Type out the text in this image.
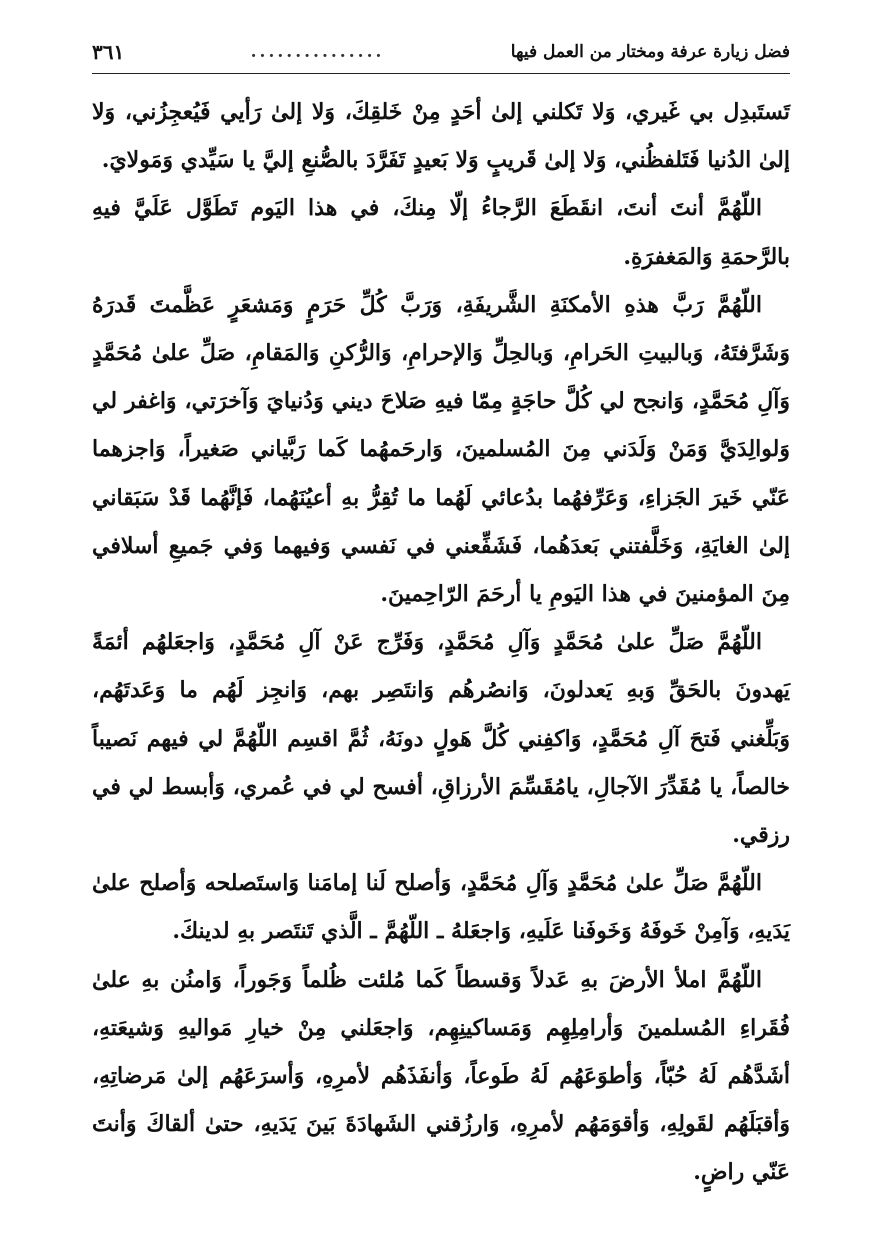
فضل زيارة عرفة ومختار من العمل فيها
...............
٣٦١

تَستَبدِل بي غَيري، وَلا تَكلني إلىٰ أحَدٍ مِنْ خَلقِكَ، وَلا إلىٰ رَأيي فَيُعجِزُني، وَلا إلىٰ الدُنيا فَتَلفظُني، وَلا إلىٰ قَريبٍ وَلا بَعيدٍ تَفَرَّدَ بالصُّنعِ إليَّ يا سَيِّدي وَمَولايَ.

اللّهُمَّ أنتَ أنتَ، انقَطَعَ الرَّجاءُ إلّا مِنكَ، في هذا اليَوم تَطَوَّل عَلَيَّ فيهِ بالرَّحمَةِ وَالمَغفرَةِ.

اللّهُمَّ رَبَّ هذهِ الأمكنَةِ الشَّريفَةِ، وَرَبَّ كُلِّ حَرَمٍ وَمَشعَرٍ عَظَّمتَ قَدرَهُ وَشَرَّفتَهُ، وَبالبيتِ الحَرامِ، وَبالحِلِّ وَالإحرامِ، وَالرُّكنِ وَالمَقامِ، صَلِّ علىٰ مُحَمَّدٍ وَآلِ مُحَمَّدٍ، وَانجح لي كُلَّ حاجَةٍ مِمّا فيهِ صَلاحَ ديني وَدُنيايَ وَآخرَتي، وَاغفر لي وَلوالِدَيَّ وَمَنْ وَلَدَني مِنَ المُسلمينَ، وَارحَمهُما كَما رَبَّياني صَغيراً، وَاجزهما عَنّي خَيرَ الجَزاءِ، وَعَرِّفهُما بدُعائي لَهُما ما تُقِرُّ بهِ أعيُنَهُما، فَإنَّهُما قَدْ سَبَقاني إلىٰ الغايَةِ، وَخَلَّفتني بَعدَهُما، فَشَفِّعني في نَفسي وَفيهما وَفي جَميعِ أسلافي مِنَ المؤمنينَ في هذا اليَومِ يا أرحَمَ الرّاحِمينَ.

اللّهُمَّ صَلِّ علىٰ مُحَمَّدٍ وَآلِ مُحَمَّدٍ، وَفَرِّج عَنْ آلِ مُحَمَّدٍ، وَاجعَلهُم أئمَةً يَهدونَ بالحَقِّ وَبهِ يَعدلونَ، وَانصُرهُم وَانتَصِر بهم، وَانجِز لَهُم ما وَعَدتَهُم، وَبَلِّغني فَتحَ آلِ مُحَمَّدٍ، وَاكفِني كُلَّ هَولٍ دونَهُ، ثُمَّ اقسِم اللّهُمَّ لي فيهم نَصيباً خالصاً، يا مُقَدِّرَ الآجالِ، يامُقَسِّمَ الأرزاقِ، أفسح لي في عُمري، وَأبسط لي في رزقي.

اللّهُمَّ صَلِّ علىٰ مُحَمَّدٍ وَآلِ مُحَمَّدٍ، وَأصلح لَنا إمامَنا وَاستَصلحه وَأصلح علىٰ يَدَيهِ، وَآمِنْ خَوفَهُ وَخَوفَنا عَلَيهِ، وَاجعَلهُ ـ اللّهُمَّ ـ الَّذي تَنتَصر بهِ لدينكَ.

اللّهُمَّ املأ الأرضَ بهِ عَدلاً وَقسطاً كَما مُلئت ظُلماً وَجَوراً، وَامنُن بهِ علىٰ فُقَراءِ المُسلمينَ وَأرامِلِهِم وَمَساكينِهِم، وَاجعَلني مِنْ خيارِ مَواليهِ وَشيعَتهِ، أشَدَّهُم لَهُ حُبّاً، وَأطوَعَهُم لَهُ طَوعاً، وَأنفَذَهُم لأمرِهِ، وَأسرَعَهُم إلىٰ مَرضاتِهِ، وَأقبَلَهُم لقَولِهِ، وَأقوَمَهُم لأمرِهِ، وَارزُقني الشَهادَةَ بَينَ يَدَيهِ، حتىٰ ألقاكَ وَأنتَ عَنّي راضٍ.
